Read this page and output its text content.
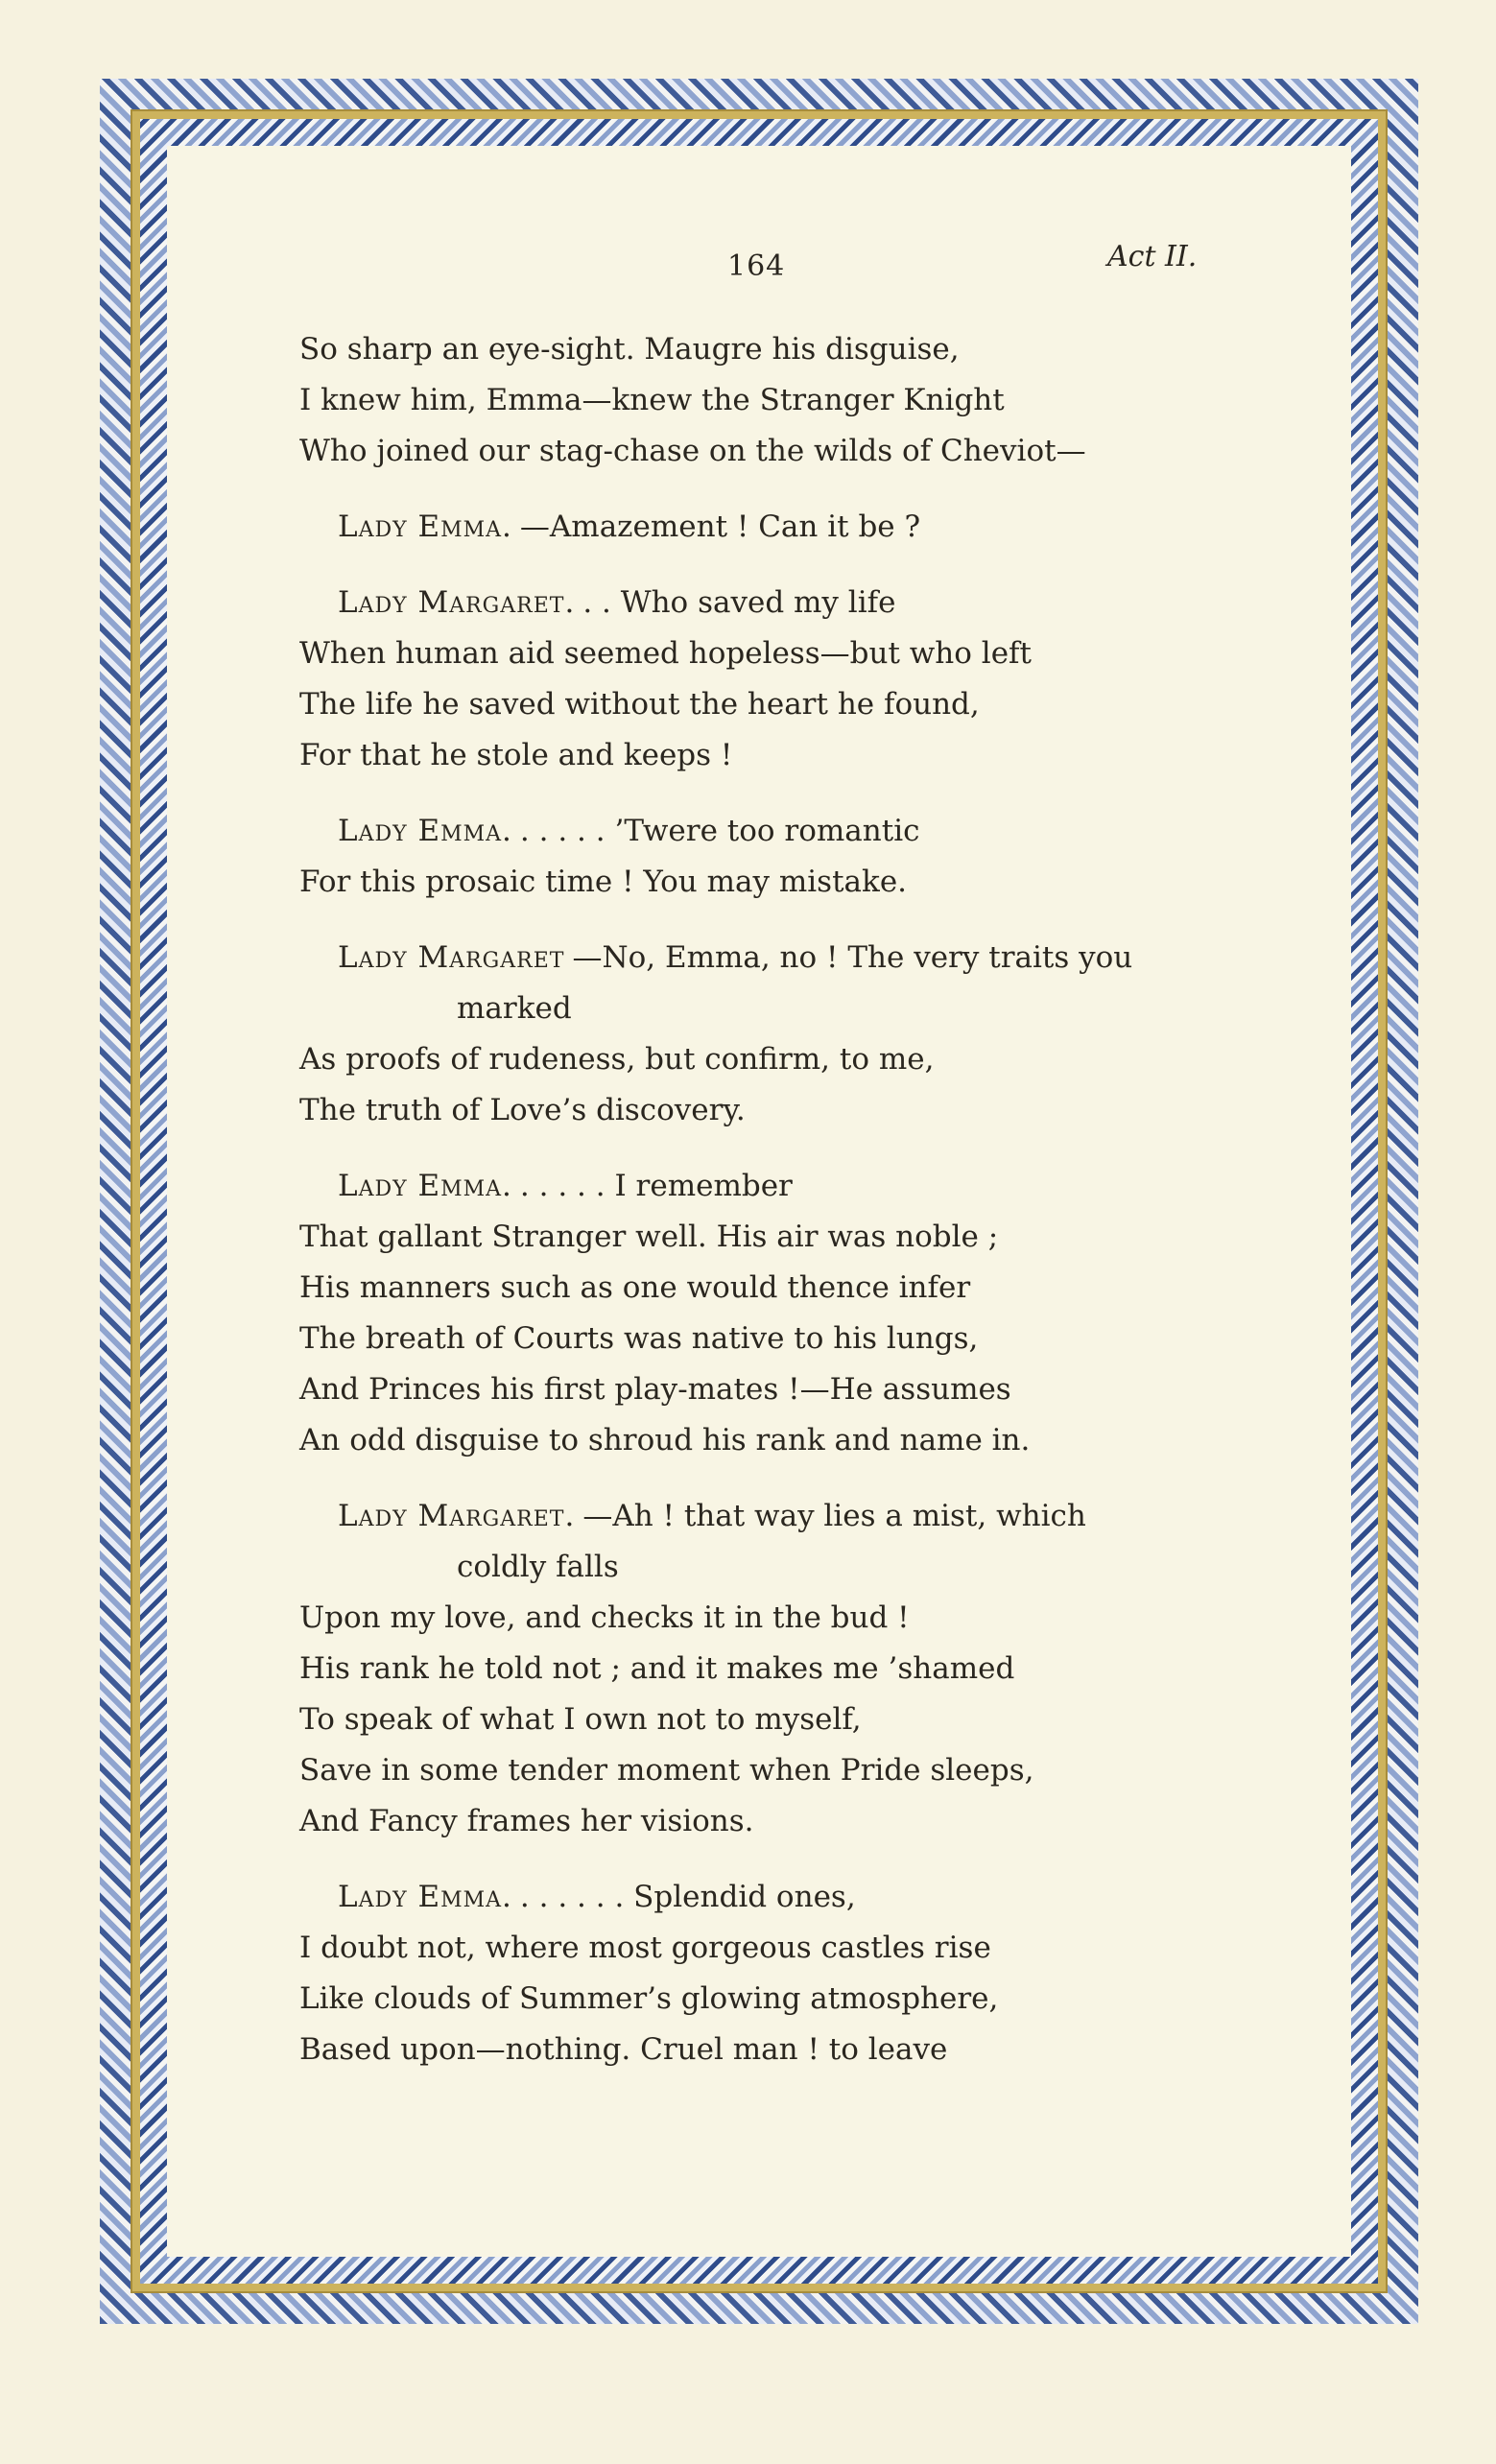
164	Act II.
So sharp an eye-sight. Maugre his disguise,
I knew him, Emma—knew the Stranger Knight
Who joined our stag-chase on the wilds of Cheviot—
Lady Emma. —Amazement ! Can it be ?
Lady Margaret. . . Who saved my life
When human aid seemed hopeless—but who left
The life he saved without the heart he found,
For that he stole and keeps !
Lady Emma. . . . . . ’Twere too romantic
For this prosaic time ! You may mistake.
Lady Margaret —No, Emma, no ! The very traits you
marked
As proofs of rudeness, but confirm, to me,
The truth of Love’s discovery.
Lady Emma. . . . . . I remember
That gallant Stranger well. His air was noble ;
His manners such as one would thence infer
The breath of Courts was native to his lungs,
And Princes his first play-mates !—He assumes
An odd disguise to shroud his rank and name in.
Lady Margaret. —Ah ! that way lies a mist, which
coldly falls
Upon my love, and checks it in the bud !
His rank he told not ; and it makes me ’shamed
To speak of what I own not to myself,
Save in some tender moment when Pride sleeps,
And Fancy frames her visions.
Lady Emma. . . . . . . Splendid ones,
I doubt not, where most gorgeous castles rise
Like clouds of Summer’s glowing atmosphere,
Based upon—nothing. Cruel man ! to leave
